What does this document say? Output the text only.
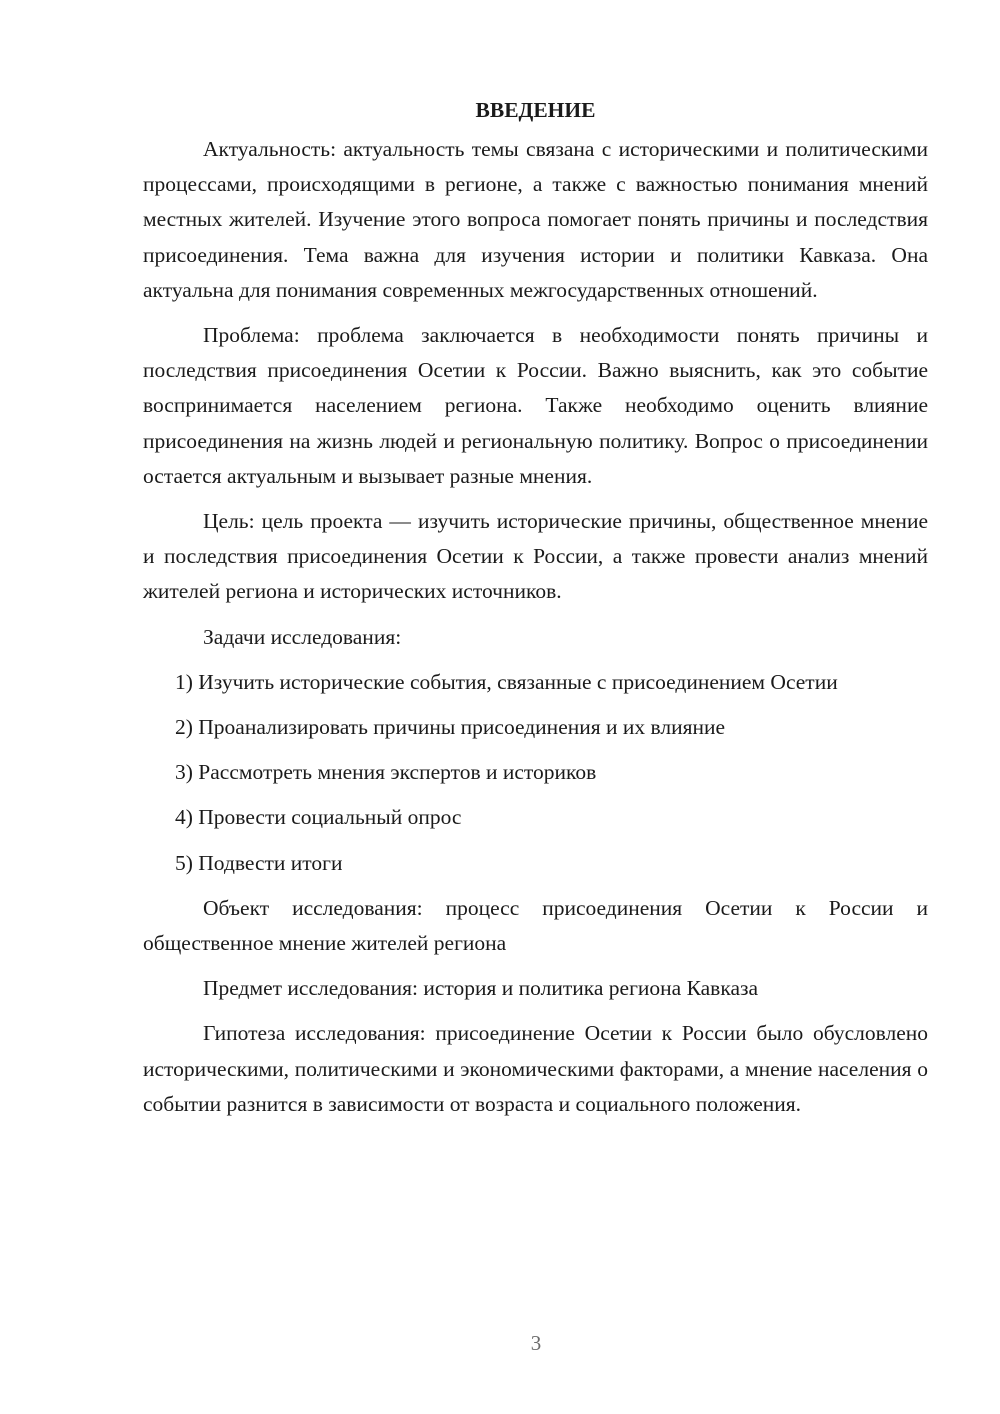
ВВЕДЕНИЕ

Актуальность: актуальность темы связана с историческими и политическими процессами, происходящими в регионе, а также с важностью понимания мнений местных жителей. Изучение этого вопроса помогает понять причины и последствия присоединения. Тема важна для изучения истории и политики Кавказа. Она актуальна для понимания современных межгосударственных отношений.

Проблема: проблема заключается в необходимости понять причины и последствия присоединения Осетии к России. Важно выяснить, как это событие воспринимается населением региона. Также необходимо оценить влияние присоединения на жизнь людей и региональную политику. Вопрос о присоединении остается актуальным и вызывает разные мнения.

Цель: цель проекта — изучить исторические причины, общественное мнение и последствия присоединения Осетии к России, а также провести анализ мнений жителей региона и исторических источников.

Задачи исследования:

1) Изучить исторические события, связанные с присоединением Осетии

2) Проанализировать причины присоединения и их влияние

3) Рассмотреть мнения экспертов и историков

4) Провести социальный опрос

5) Подвести итоги

Объект исследования: процесс присоединения Осетии к России и общественное мнение жителей региона

Предмет исследования: история и политика региона Кавказа

Гипотеза исследования: присоединение Осетии к России было обусловлено историческими, политическими и экономическими факторами, а мнение населения о событии разнится в зависимости от возраста и социального положения.

3
